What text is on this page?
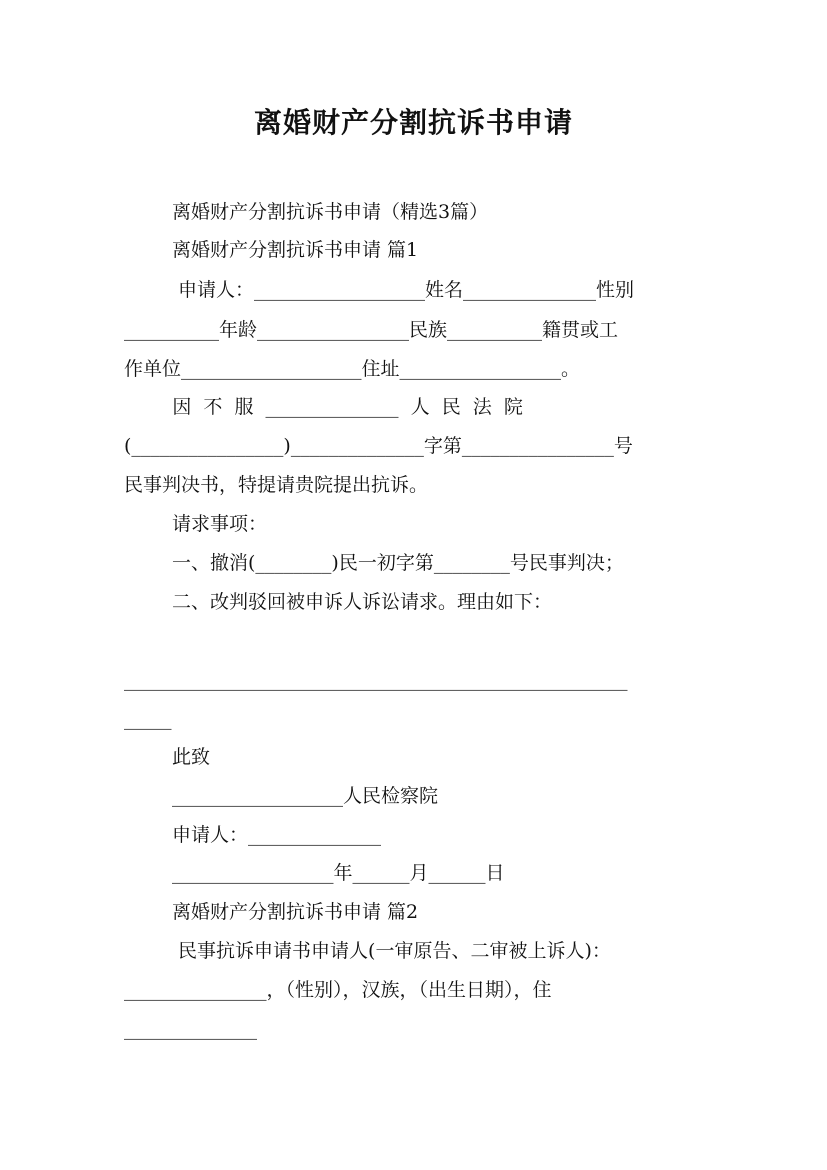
离婚财产分割抗诉书申请
离婚财产分割抗诉书申请（精选3篇）
离婚财产分割抗诉书申请 篇1
申请人：__________________姓名______________性别
__________年龄________________民族__________籍贯或工
作单位___________________住址_________________。
因  不  服  ______________  人  民  法  院
(________________)______________字第________________号
民事判决书，特提请贵院提出抗诉。
请求事项：
一、撤消(________)民一初字第________号民事判决；
二、改判驳回被申诉人诉讼请求。理由如下：
_____________________________________________________
_____
此致
__________________人民检察院
申请人：______________
_________________年______月______日
离婚财产分割抗诉书申请 篇2
民事抗诉申请书申请人(一审原告、二审被上诉人)：
_______________，（性别），汉族，（出生日期），住
______________
